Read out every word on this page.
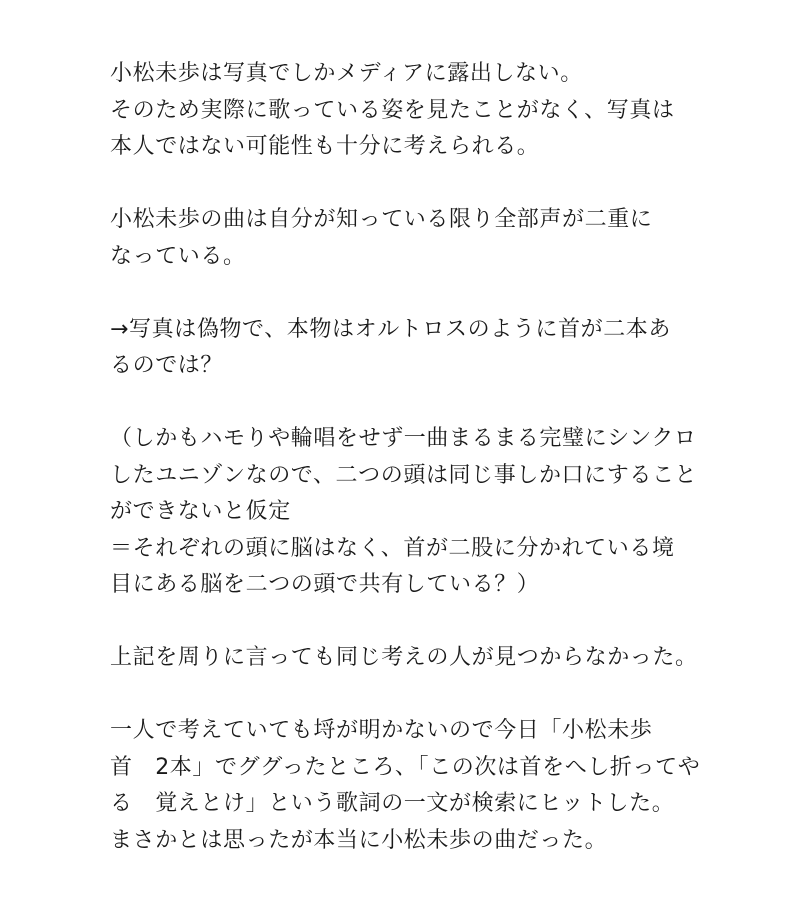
小松未歩は写真でしかメディアに露出しない。
そのため実際に歌っている姿を見たことがなく、写真は
本人ではない可能性も十分に考えられる。
小松未歩の曲は自分が知っている限り全部声が二重に
なっている。
→写真は偽物で、本物はオルトロスのように首が二本あ
るのでは？
（しかもハモりや輪唱をせず一曲まるまる完璧にシンクロ
したユニゾンなので、二つの頭は同じ事しか口にすること
ができないと仮定
＝それぞれの頭に脳はなく、首が二股に分かれている境
目にある脳を二つの頭で共有している？）
上記を周りに言っても同じ考えの人が見つからなかった。
一人で考えていても埒が明かないので今日「小松未歩
首　2本」でググったところ、「この次は首をへし折ってや
る　覚えとけ」という歌詞の一文が検索にヒットした。
まさかとは思ったが本当に小松未歩の曲だった。
